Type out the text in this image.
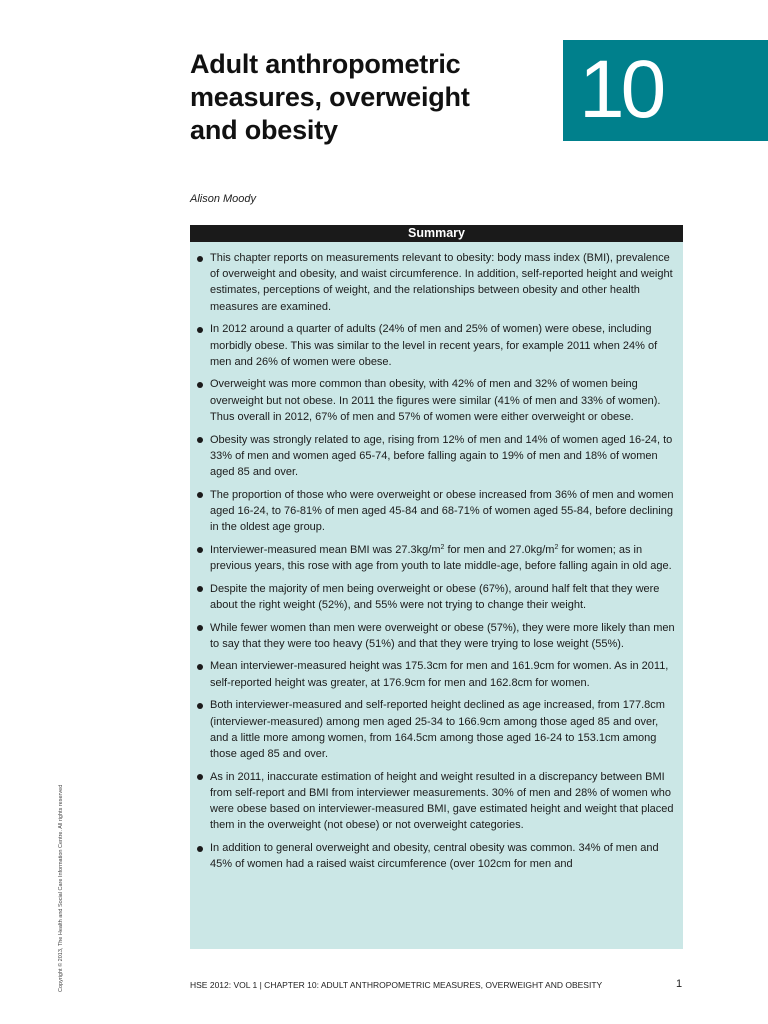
Adult anthropometric
measures, overweight
and obesity	10
Alison Moody
Summary
This chapter reports on measurements relevant to obesity: body mass index (BMI), prevalence of overweight and obesity, and waist circumference. In addition, self-reported height and weight estimates, perceptions of weight, and the relationships between obesity and other health measures are examined.
In 2012 around a quarter of adults (24% of men and 25% of women) were obese, including morbidly obese. This was similar to the level in recent years, for example 2011 when 24% of men and 26% of women were obese.
Overweight was more common than obesity, with 42% of men and 32% of women being overweight but not obese. In 2011 the figures were similar (41% of men and 33% of women). Thus overall in 2012, 67% of men and 57% of women were either overweight or obese.
Obesity was strongly related to age, rising from 12% of men and 14% of women aged 16-24, to 33% of men and women aged 65-74, before falling again to 19% of men and 18% of women aged 85 and over.
The proportion of those who were overweight or obese increased from 36% of men and women aged 16-24, to 76-81% of men aged 45-84 and 68-71% of women aged 55-84, before declining in the oldest age group.
Interviewer-measured mean BMI was $27.3kg/m^2$ for men and $27.0kg/m^2$ for women; as in previous years, this rose with age from youth to late middle-age, before falling again in old age.
Despite the majority of men being overweight or obese (67%), around half felt that they were about the right weight (52%), and 55% were not trying to change their weight.
While fewer women than men were overweight or obese (57%), they were more likely than men to say that they were too heavy (51%) and that they were trying to lose weight (55%).
Mean interviewer-measured height was 175.3cm for men and 161.9cm for women. As in 2011, self-reported height was greater, at 176.9cm for men and 162.8cm for women.
Both interviewer-measured and self-reported height declined as age increased, from 177.8cm (interviewer-measured) among men aged 25-34 to 166.9cm among those aged 85 and over, and a little more among women, from 164.5cm among those aged 16-24 to 153.1cm among those aged 85 and over.
As in 2011, inaccurate estimation of height and weight resulted in a discrepancy between BMI from self-report and BMI from interviewer measurements. 30% of men and 28% of women who were obese based on interviewer-measured BMI, gave estimated height and weight that placed them in the overweight (not obese) or not overweight categories.
In addition to general overweight and obesity, central obesity was common. 34% of men and 45% of women had a raised waist circumference (over 102cm for men and
Copyright © 2013, The Health and Social Care Information Centre. All rights reserved	HSE 2012: VOL 1 | CHAPTER 10: ADULT ANTHROPOMETRIC MEASURES, OVERWEIGHT AND OBESITY	1
